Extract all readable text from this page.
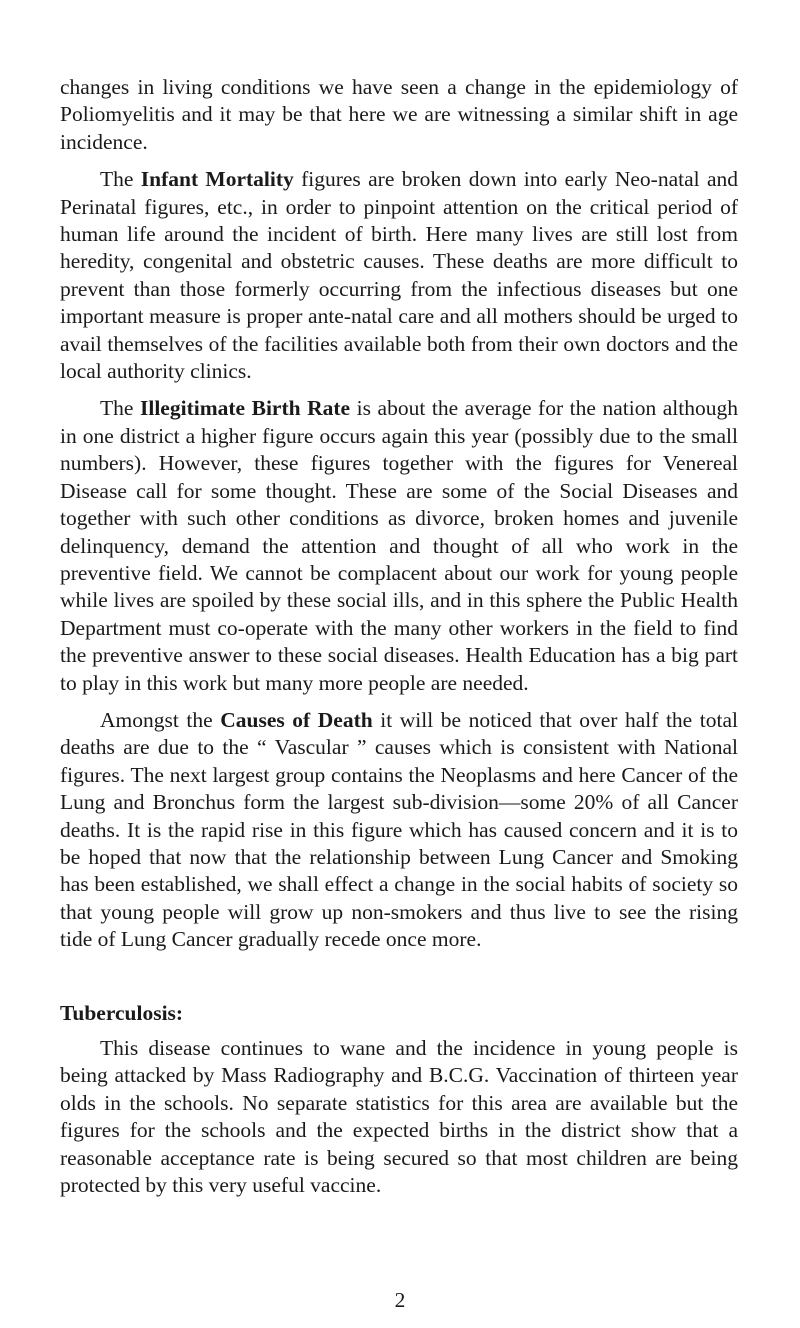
changes in living conditions we have seen a change in the epidemiology of Poliomyelitis and it may be that here we are witnessing a similar shift in age incidence.

The Infant Mortality figures are broken down into early Neo-natal and Perinatal figures, etc., in order to pinpoint attention on the critical period of human life around the incident of birth. Here many lives are still lost from heredity, congenital and obstetric causes. These deaths are more difficult to prevent than those formerly occurring from the infectious diseases but one important measure is proper ante-natal care and all mothers should be urged to avail themselves of the facilities available both from their own doctors and the local authority clinics.

The Illegitimate Birth Rate is about the average for the nation although in one district a higher figure occurs again this year (possibly due to the small numbers). However, these figures together with the figures for Venereal Disease call for some thought. These are some of the Social Diseases and together with such other conditions as divorce, broken homes and juvenile delinquency, demand the attention and thought of all who work in the preventive field. We cannot be complacent about our work for young people while lives are spoiled by these social ills, and in this sphere the Public Health Department must co-operate with the many other workers in the field to find the preventive answer to these social diseases. Health Education has a big part to play in this work but many more people are needed.

Amongst the Causes of Death it will be noticed that over half the total deaths are due to the “ Vascular ” causes which is consistent with National figures. The next largest group contains the Neoplasms and here Cancer of the Lung and Bronchus form the largest sub-division—some 20% of all Cancer deaths. It is the rapid rise in this figure which has caused concern and it is to be hoped that now that the relationship between Lung Cancer and Smoking has been established, we shall effect a change in the social habits of society so that young people will grow up non-smokers and thus live to see the rising tide of Lung Cancer gradually recede once more.

Tuberculosis:

This disease continues to wane and the incidence in young people is being attacked by Mass Radiography and B.C.G. Vaccination of thirteen year olds in the schools. No separate statistics for this area are available but the figures for the schools and the expected births in the district show that a reasonable acceptance rate is being secured so that most children are being protected by this very useful vaccine.

2
